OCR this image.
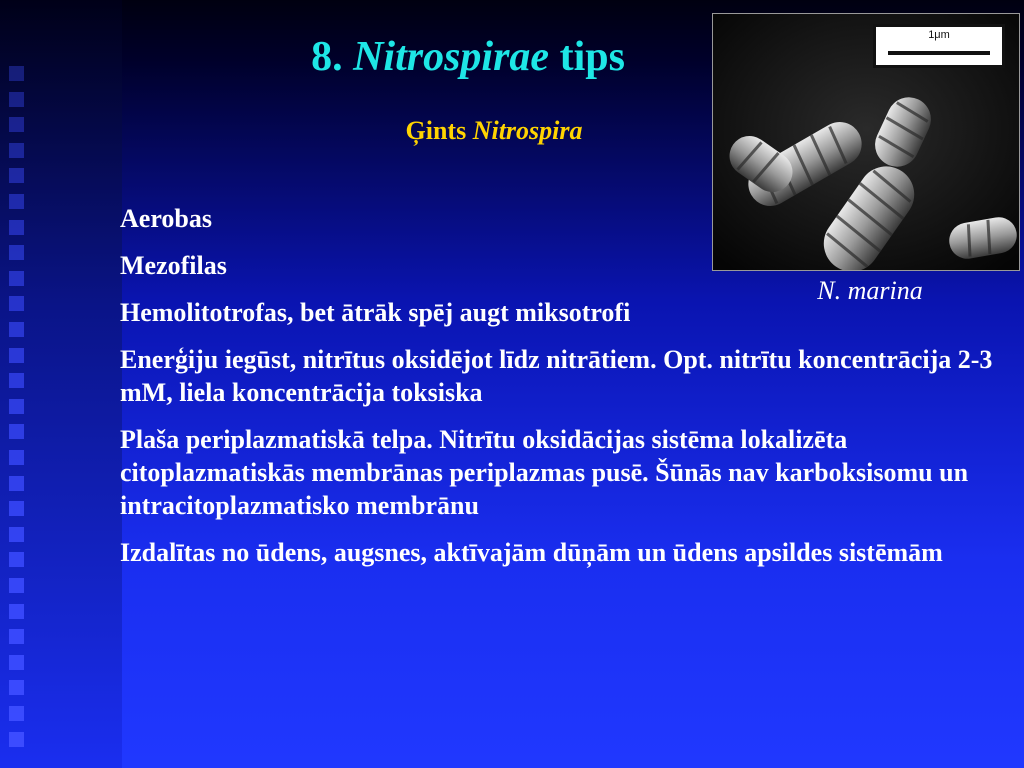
8. Nitrospirae tips
Ģints Nitrospira
1μm
N. marina

Aerobas

Mezofilas

Hemolitotrofas, bet ātrāk spēj augt miksotrofi

Enerģiju iegūst, nitrītus oksidējot līdz nitrātiem. Opt. nitrītu koncentrācija 2-3 mM, liela koncentrācija toksiska

Plaša periplazmatiskā telpa. Nitrītu oksidācijas sistēma lokalizēta citoplazmatiskās membrānas periplazmas pusē. Šūnās nav karboksisomu un intracitoplazmatisko membrānu

Izdalītas no ūdens, augsnes, aktīvajām dūņām un ūdens apsildes sistēmām
